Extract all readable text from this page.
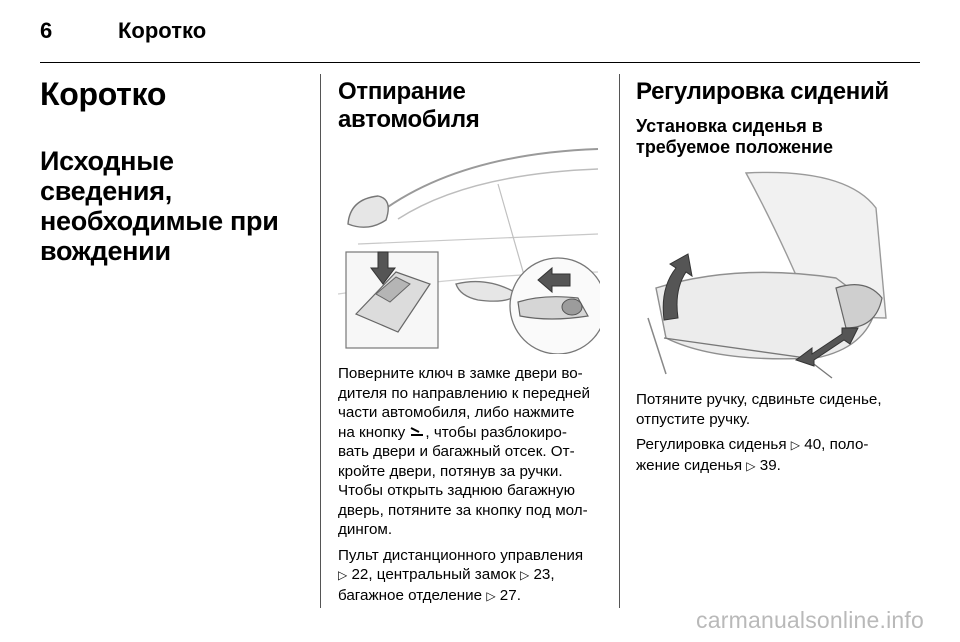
6	Коротко
Коротко
Исходные сведения,
необходимые при
вождении
Отпирание автомобиля
Поверните ключ в замке двери во-
дителя по направлению к передней
части автомобиля, либо нажмите
на кнопку , чтобы разблокиро-
вать двери и багажный отсек. От-
кройте двери, потянув за ручки.
Чтобы открыть заднюю багажную
дверь, потяните за кнопку под мол-
дингом.
Пульт дистанционного управления
▷ 22, центральный замок ▷ 23,
багажное отделение ▷ 27.
Регулировка сидений
Установка сиденья в
требуемое положение
Потяните ручку, сдвиньте сиденье,
отпустите ручку.
Регулировка сиденья ▷ 40, поло-
жение сиденья ▷ 39.
carmanualsonline.info
